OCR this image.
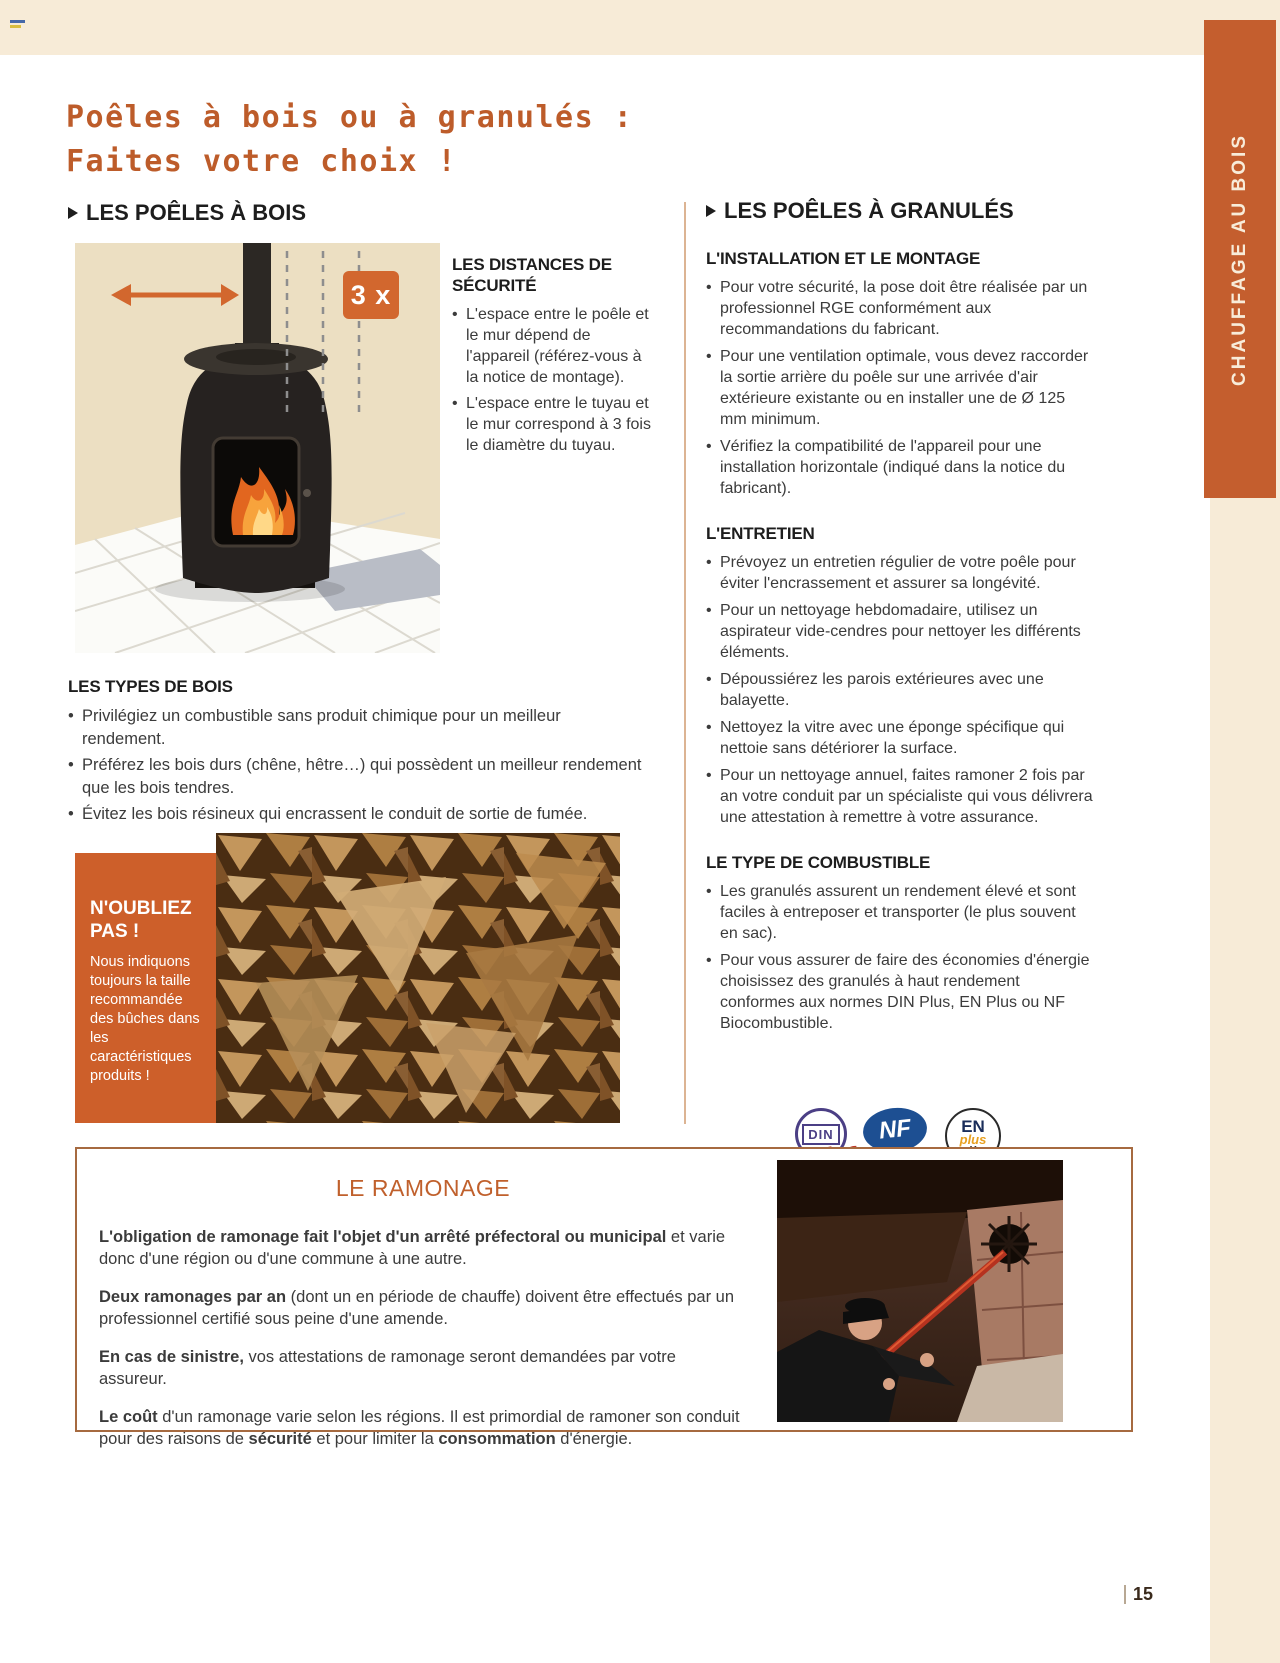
CHAUFFAGE AU BOIS
Poêles à bois ou à granulés :
Faites votre choix !
LES POÊLES À BOIS
3 x
LES DISTANCES DE SÉCURITÉ
• L'espace entre le poêle et le mur dépend de l'appareil (référez-vous à la notice de montage).
• L'espace entre le tuyau et le mur correspond à 3 fois le diamètre du tuyau.
LES TYPES DE BOIS
• Privilégiez un combustible sans produit chimique pour un meilleur rendement.
• Préférez les bois durs (chêne, hêtre…) qui possèdent un meilleur rendement que les bois tendres.
• Évitez les bois résineux qui encrassent le conduit de sortie de fumée.
N'OUBLIEZ PAS !

Nous indiquons toujours la taille recommandée des bûches dans les caractéristiques produits !

LES POÊLES À GRANULÉS
L'INSTALLATION ET LE MONTAGE
• Pour votre sécurité, la pose doit être réalisée par un professionnel RGE conformément aux recommandations du fabricant.
• Pour une ventilation optimale, vous devez raccorder la sortie arrière du poêle sur une arrivée d'air extérieure existante ou en installer une de Ø 125 mm minimum.
• Vérifiez la compatibilité de l'appareil pour une installation horizontale (indiqué dans la notice du fabricant).
L'ENTRETIEN
• Prévoyez un entretien régulier de votre poêle pour éviter l'encrassement et assurer sa longévité.
• Pour un nettoyage hebdomadaire, utilisez un aspirateur vide-cendres pour nettoyer les différents éléments.
• Dépoussiérez les parois extérieures avec une balayette.
• Nettoyez la vitre avec une éponge spécifique qui nettoie sans détériorer la surface.
• Pour un nettoyage annuel, faites ramoner 2 fois par an votre conduit par un spécialiste qui vous délivrera une attestation à remettre à votre assurance.
LE TYPE DE COMBUSTIBLE
• Les granulés assurent un rendement élevé et sont faciles à entreposer et transporter (le plus souvent en sac).
• Pour vous assurer de faire des économies d'énergie choisissez des granulés à haut rendement conformes aux normes DIN Plus, EN Plus ou NF Biocombustible.
DIN NF	EN
plus
LE RAMONAGE

L'obligation de ramonage fait l'objet d'un arrêté préfectoral ou municipal et varie donc d'une région ou d'une commune à une autre.

Deux ramonages par an (dont un en période de chauffe) doivent être effectués par un professionnel certifié sous peine d'une amende.

En cas de sinistre, vos attestations de ramonage seront demandées par votre assureur.

Le coût d'un ramonage varie selon les régions. Il est primordial de ramoner son conduit pour des raisons de sécurité et pour limiter la consommation d'énergie.

15
